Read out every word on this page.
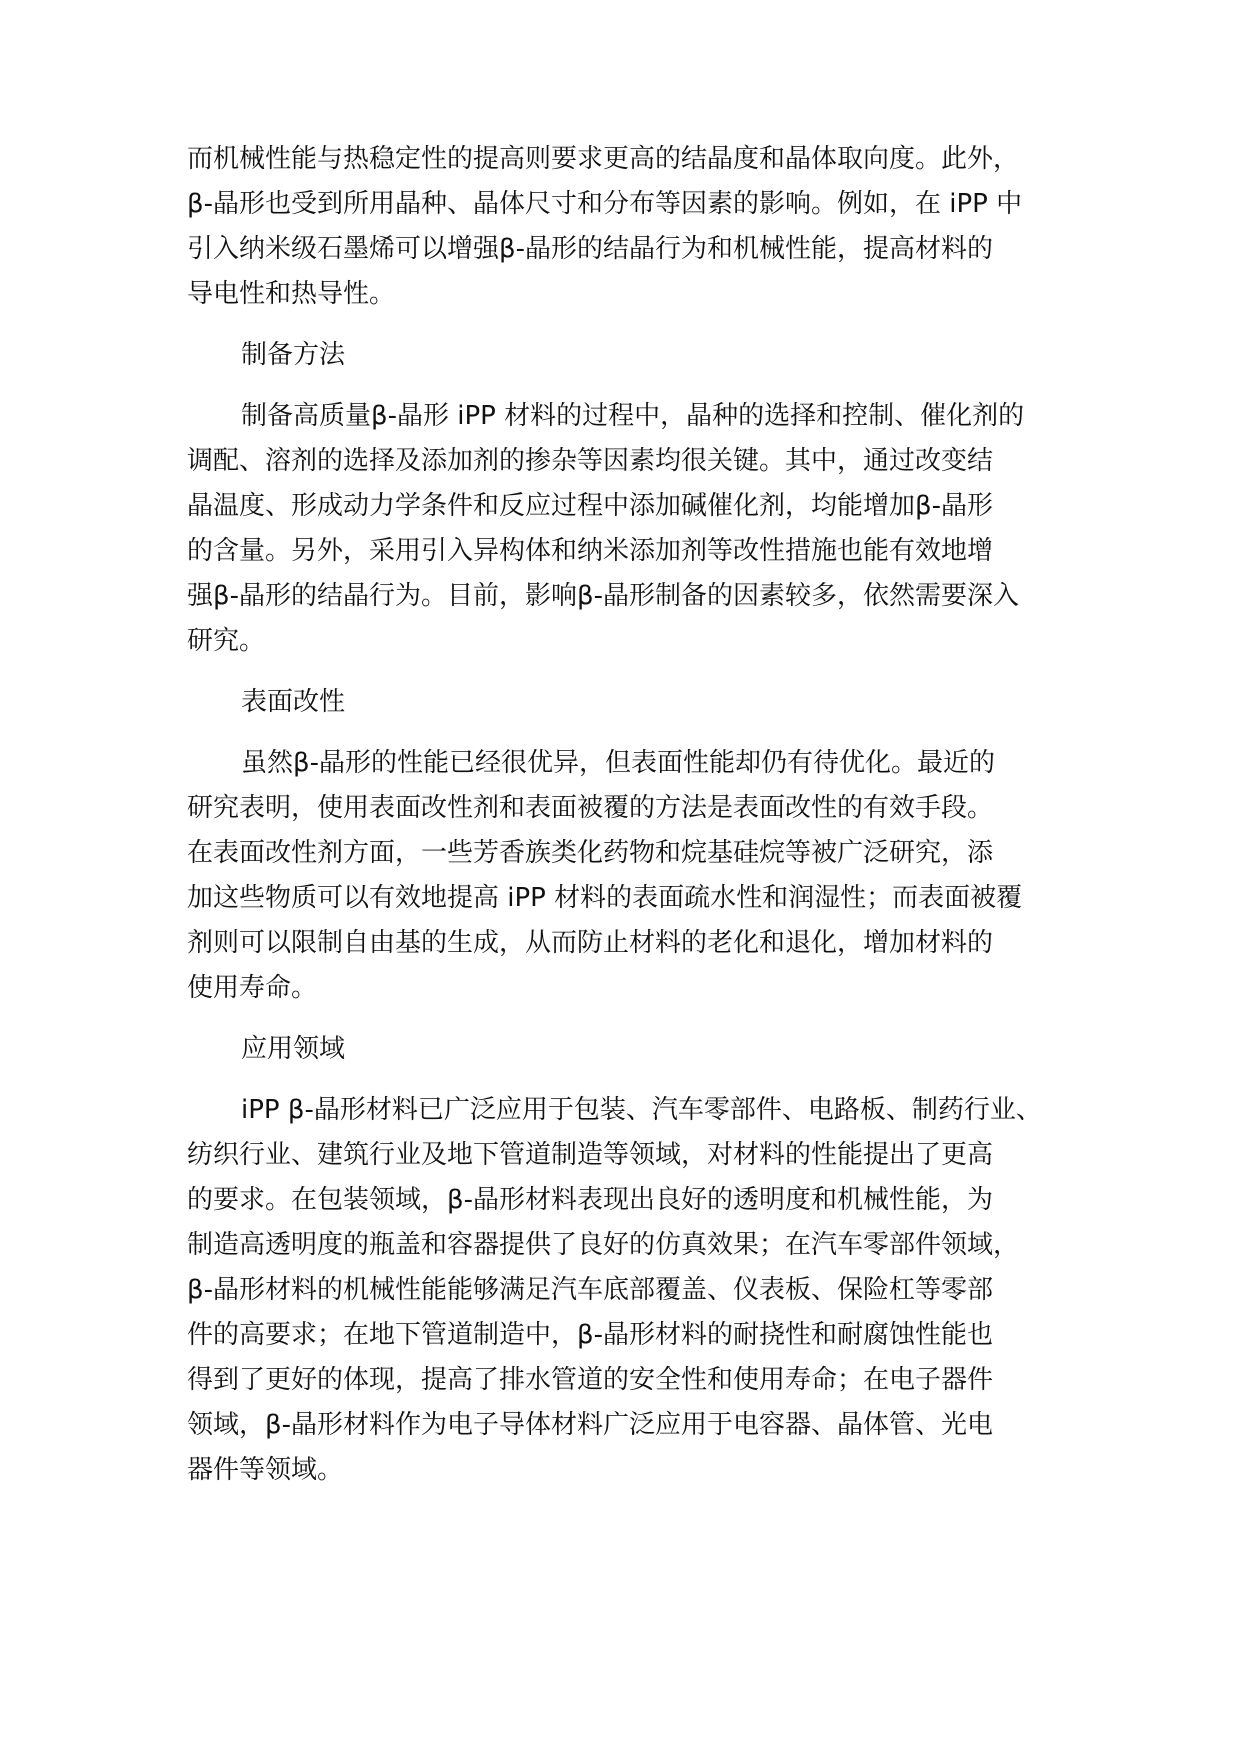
而机械性能与热稳定性的提高则要求更高的结晶度和晶体取向度。此外，
β-晶形也受到所用晶种、晶体尺寸和分布等因素的影响。例如，在 iPP 中
引入纳米级石墨烯可以增强β-晶形的结晶行为和机械性能，提高材料的
导电性和热导性。
制备方法
制备高质量β-晶形 iPP 材料的过程中，晶种的选择和控制、催化剂的
调配、溶剂的选择及添加剂的掺杂等因素均很关键。其中，通过改变结
晶温度、形成动力学条件和反应过程中添加碱催化剂，均能增加β-晶形
的含量。另外，采用引入异构体和纳米添加剂等改性措施也能有效地增
强β-晶形的结晶行为。目前，影响β-晶形制备的因素较多，依然需要深入
研究。
表面改性
虽然β-晶形的性能已经很优异，但表面性能却仍有待优化。最近的
研究表明，使用表面改性剂和表面被覆的方法是表面改性的有效手段。
在表面改性剂方面，一些芳香族类化药物和烷基硅烷等被广泛研究，添
加这些物质可以有效地提高 iPP 材料的表面疏水性和润湿性；而表面被覆
剂则可以限制自由基的生成，从而防止材料的老化和退化，增加材料的
使用寿命。
应用领域
iPP β-晶形材料已广泛应用于包装、汽车零部件、电路板、制药行业、
纺织行业、建筑行业及地下管道制造等领域，对材料的性能提出了更高
的要求。在包装领域，β-晶形材料表现出良好的透明度和机械性能，为
制造高透明度的瓶盖和容器提供了良好的仿真效果；在汽车零部件领域，
β-晶形材料的机械性能能够满足汽车底部覆盖、仪表板、保险杠等零部
件的高要求；在地下管道制造中，β-晶形材料的耐挠性和耐腐蚀性能也
得到了更好的体现，提高了排水管道的安全性和使用寿命；在电子器件
领域，β-晶形材料作为电子导体材料广泛应用于电容器、晶体管、光电
器件等领域。
